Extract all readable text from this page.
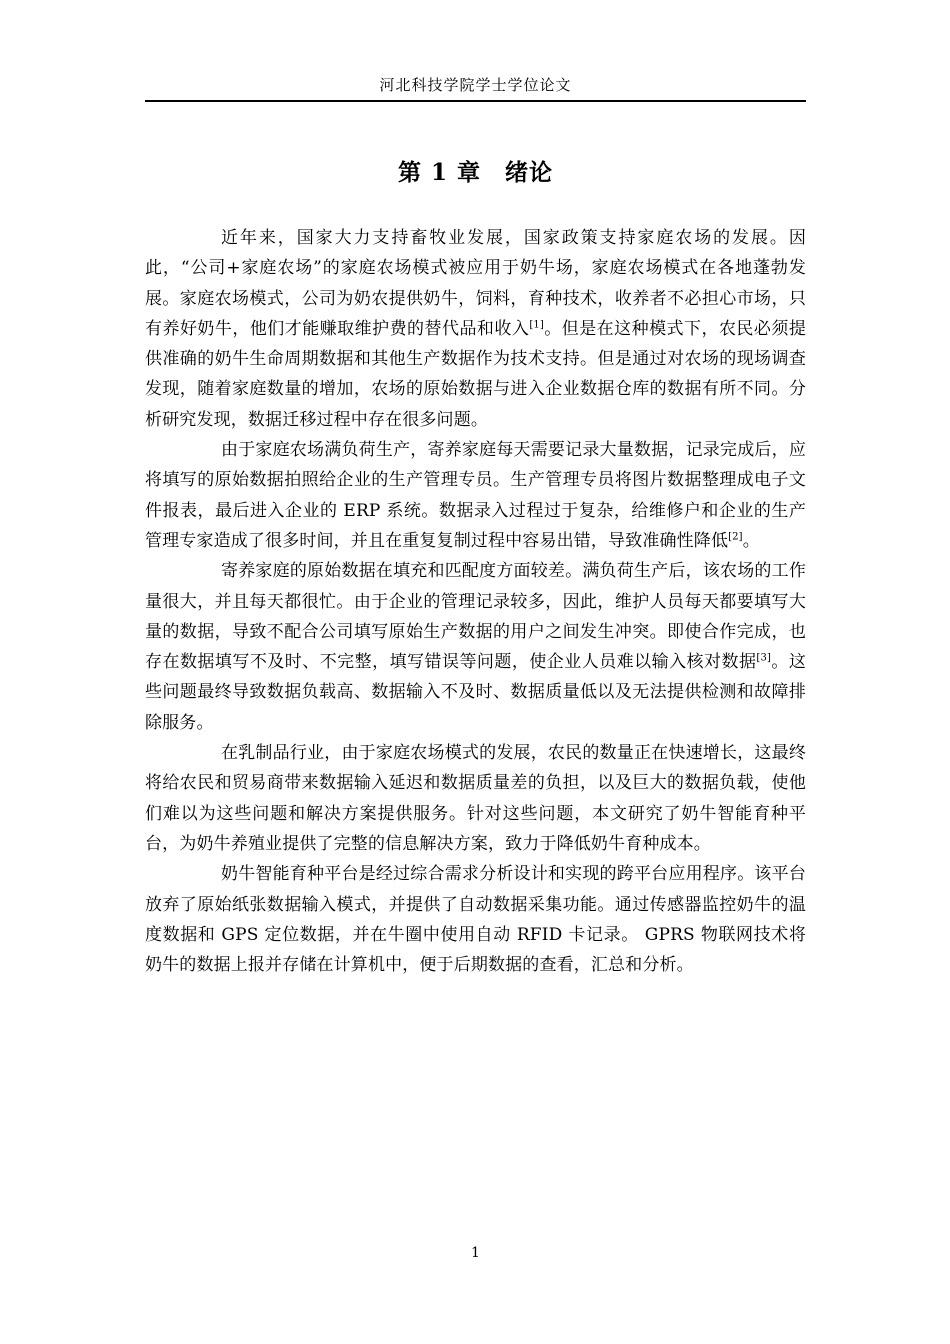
河北科技学院学士学位论文
第 1 章 绪论

近年来，国家大力支持畜牧业发展，国家政策支持家庭农场的发展。因此，“公司+家庭农场”的家庭农场模式被应用于奶牛场，家庭农场模式在各地蓬勃发展。家庭农场模式，公司为奶农提供奶牛，饲料，育种技术，收养者不必担心市场，只有养好奶牛，他们才能赚取维护费的替代品和收入[1]。但是在这种模式下，农民必须提供准确的奶牛生命周期数据和其他生产数据作为技术支持。但是通过对农场的现场调查发现，随着家庭数量的增加，农场的原始数据与进入企业数据仓库的数据有所不同。分析研究发现，数据迁移过程中存在很多问题。

由于家庭农场满负荷生产，寄养家庭每天需要记录大量数据，记录完成后，应将填写的原始数据拍照给企业的生产管理专员。生产管理专员将图片数据整理成电子文件报表，最后进入企业的 ERP 系统。数据录入过程过于复杂，给维修户和企业的生产管理专家造成了很多时间，并且在重复复制过程中容易出错，导致准确性降低[2]。

寄养家庭的原始数据在填充和匹配度方面较差。满负荷生产后，该农场的工作量很大，并且每天都很忙。由于企业的管理记录较多，因此，维护人员每天都要填写大量的数据，导致不配合公司填写原始生产数据的用户之间发生冲突。即使合作完成，也存在数据填写不及时、不完整，填写错误等问题，使企业人员难以输入核对数据[3]。这些问题最终导致数据负载高、数据输入不及时、数据质量低以及无法提供检测和故障排除服务。

在乳制品行业，由于家庭农场模式的发展，农民的数量正在快速增长，这最终将给农民和贸易商带来数据输入延迟和数据质量差的负担，以及巨大的数据负载，使他们难以为这些问题和解决方案提供服务。针对这些问题，本文研究了奶牛智能育种平台，为奶牛养殖业提供了完整的信息解决方案，致力于降低奶牛育种成本。

奶牛智能育种平台是经过综合需求分析设计和实现的跨平台应用程序。该平台放弃了原始纸张数据输入模式，并提供了自动数据采集功能。通过传感器监控奶牛的温度数据和 GPS 定位数据，并在牛圈中使用自动 RFID 卡记录。 GPRS 物联网技术将奶牛的数据上报并存储在计算机中，便于后期数据的查看，汇总和分析。

1
